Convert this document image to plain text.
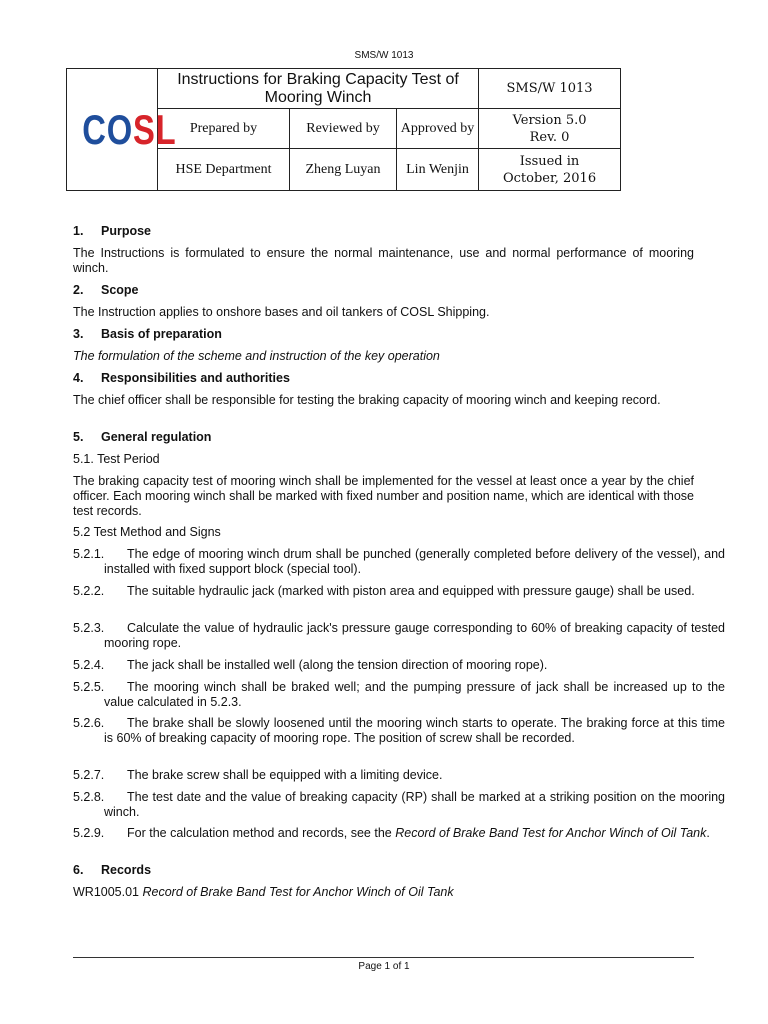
SMS/W 1013
COSL	Instructions for Braking Capacity Test of Mooring Winch			SMS/W 1013
	Prepared by	Reviewed by	Approved by	Version 5.0
Rev. 0

	HSE Department	Zheng Luyan	Lin Wenjin	Issued in
October, 2016
1. Purpose
The Instructions is formulated to ensure the normal maintenance, use and normal performance of mooring winch.
2. Scope
The Instruction applies to onshore bases and oil tankers of COSL Shipping.
3. Basis of preparation
The formulation of the scheme and instruction of the key operation
4. Responsibilities and authorities
The chief officer shall be responsible for testing the braking capacity of mooring winch and keeping record.
5. General regulation
5.1. Test Period
The braking capacity test of mooring winch shall be implemented for the vessel at least once a year by the chief officer. Each mooring winch shall be marked with fixed number and position name, which are identical with those test records.
5.2 Test Method and Signs
5.2.1. The edge of mooring winch drum shall be punched (generally completed before delivery of the vessel), and installed with fixed support block (special tool).
5.2.2. The suitable hydraulic jack (marked with piston area and equipped with pressure gauge) shall be used.
5.2.3. Calculate the value of hydraulic jack's pressure gauge corresponding to 60% of breaking capacity of tested mooring rope.
5.2.4. The jack shall be installed well (along the tension direction of mooring rope).
5.2.5. The mooring winch shall be braked well; and the pumping pressure of jack shall be increased up to the value calculated in 5.2.3.
5.2.6. The brake shall be slowly loosened until the mooring winch starts to operate. The braking force at this time is 60% of breaking capacity of mooring rope. The position of screw shall be recorded.
5.2.7. The brake screw shall be equipped with a limiting device.
5.2.8. The test date and the value of breaking capacity (RP) shall be marked at a striking position on the mooring winch.
5.2.9. For the calculation method and records, see the Record of Brake Band Test for Anchor Winch of Oil Tank.
6. Records
WR1005.01 Record of Brake Band Test for Anchor Winch of Oil Tank
Page 1 of 1
